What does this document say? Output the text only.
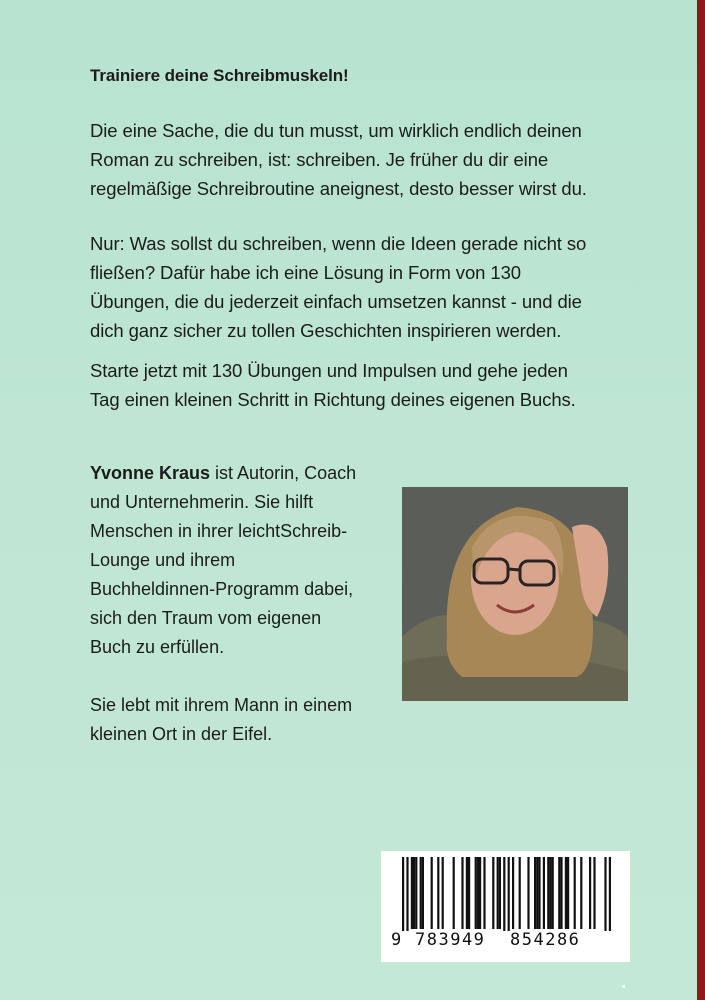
Trainiere deine Schreibmuskeln!
Die eine Sache, die du tun musst, um wirklich endlich deinen
Roman zu schreiben, ist: schreiben. Je früher du dir eine
regelmäßige Schreibroutine aneignest, desto besser wirst du.
Nur: Was sollst du schreiben, wenn die Ideen gerade nicht so
fließen? Dafür habe ich eine Lösung in Form von 130
Übungen, die du jederzeit einfach umsetzen kannst - und die
dich ganz sicher zu tollen Geschichten inspirieren werden.
Starte jetzt mit 130 Übungen und Impulsen und gehe jeden
Tag einen kleinen Schritt in Richtung deines eigenen Buchs.
Yvonne Kraus ist Autorin, Coach
und Unternehmerin. Sie hilft
Menschen in ihrer leichtSchreib-
Lounge und ihrem
Buchheldinnen-Programm dabei,
sich den Traum vom eigenen
Buch zu erfüllen.
Sie lebt mit ihrem Mann in einem
kleinen Ort in der Eifel.
9 783949 854286
